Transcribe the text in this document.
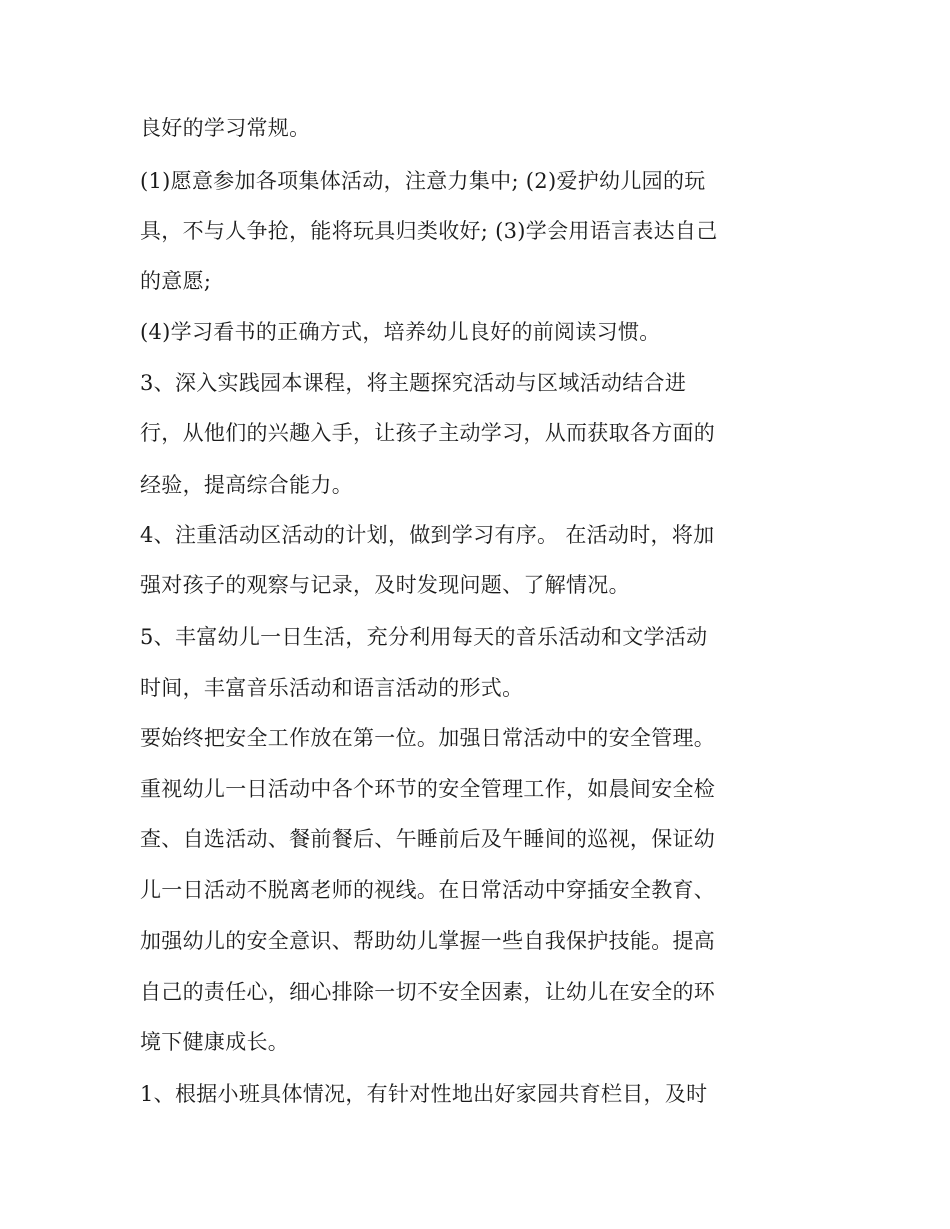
良好的学习常规。
(1)愿意参加各项集体活动，注意力集中; (2)爱护幼儿园的玩
具，不与人争抢，能将玩具归类收好; (3)学会用语言表达自己
的意愿;
(4)学习看书的正确方式，培养幼儿良好的前阅读习惯。
3、深入实践园本课程，将主题探究活动与区域活动结合进
行，从他们的兴趣入手，让孩子主动学习，从而获取各方面的
经验，提高综合能力。
4、注重活动区活动的计划，做到学习有序。 在活动时，将加
强对孩子的观察与记录，及时发现问题、了解情况。
5、丰富幼儿一日生活，充分利用每天的音乐活动和文学活动
时间，丰富音乐活动和语言活动的形式。
要始终把安全工作放在第一位。加强日常活动中的安全管理。
重视幼儿一日活动中各个环节的安全管理工作，如晨间安全检
查、自选活动、餐前餐后、午睡前后及午睡间的巡视，保证幼
儿一日活动不脱离老师的视线。在日常活动中穿插安全教育、
加强幼儿的安全意识、帮助幼儿掌握一些自我保护技能。提高
自己的责任心，细心排除一切不安全因素，让幼儿在安全的环
境下健康成长。
1、根据小班具体情况，有针对性地出好家园共育栏目，及时
